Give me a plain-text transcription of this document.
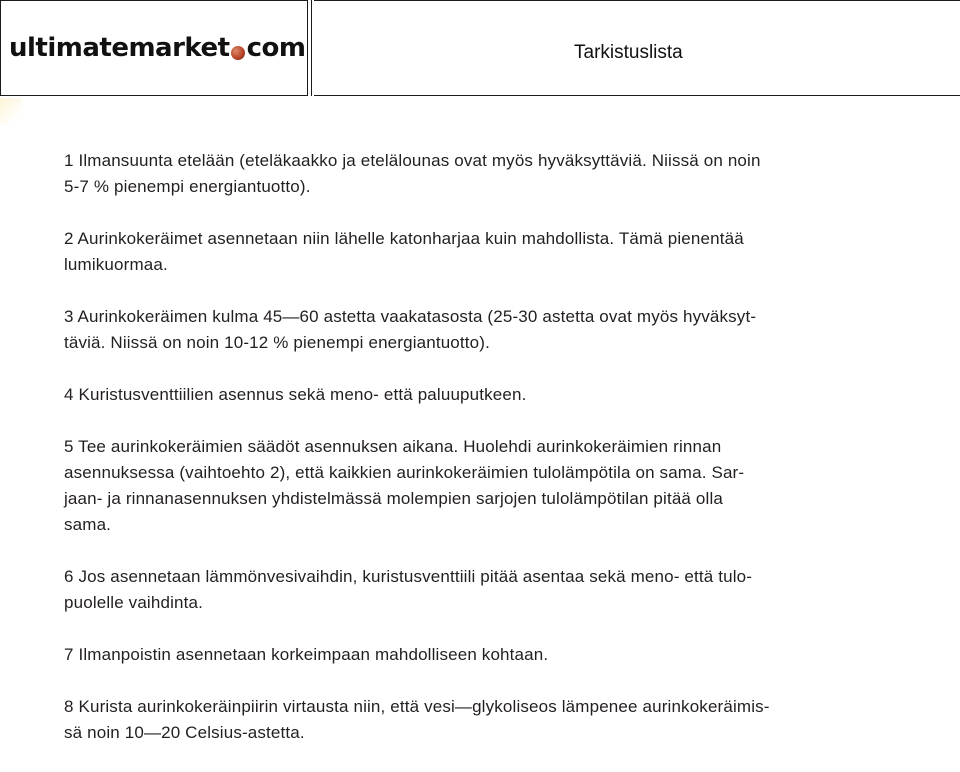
ultimatemarket com	Tarkistuslista
1 Ilmansuunta etelään (eteläkaakko ja etelälounas ovat myös hyväksyttäviä. Niissä on noin
5-7 % pienempi energiantuotto).
2 Aurinkokeräimet asennetaan niin lähelle katonharjaa kuin mahdollista. Tämä pienentää
lumikuormaa.
3 Aurinkokeräimen kulma 45—60 astetta vaakatasosta (25-30 astetta ovat myös hyväksyt-
täviä. Niissä on noin 10-12 % pienempi energiantuotto).
4 Kuristusventtiilien asennus sekä meno- että paluuputkeen.
5 Tee aurinkokeräimien säädöt asennuksen aikana. Huolehdi aurinkokeräimien rinnan
asennuksessa (vaihtoehto 2), että kaikkien aurinkokeräimien tulolämpötila on sama. Sar-
jaan- ja rinnanasennuksen yhdistelmässä molempien sarjojen tulolämpötilan pitää olla
sama.
6 Jos asennetaan lämmönvesivaihdin, kuristusventtiili pitää asentaa sekä meno- että tulo-
puolelle vaihdinta.
7 Ilmanpoistin asennetaan korkeimpaan mahdolliseen kohtaan.
8 Kurista aurinkokeräinpiirin virtausta niin, että vesi—glykoliseos lämpenee aurinkokeräimis-
sä noin 10—20 Celsius-astetta.
